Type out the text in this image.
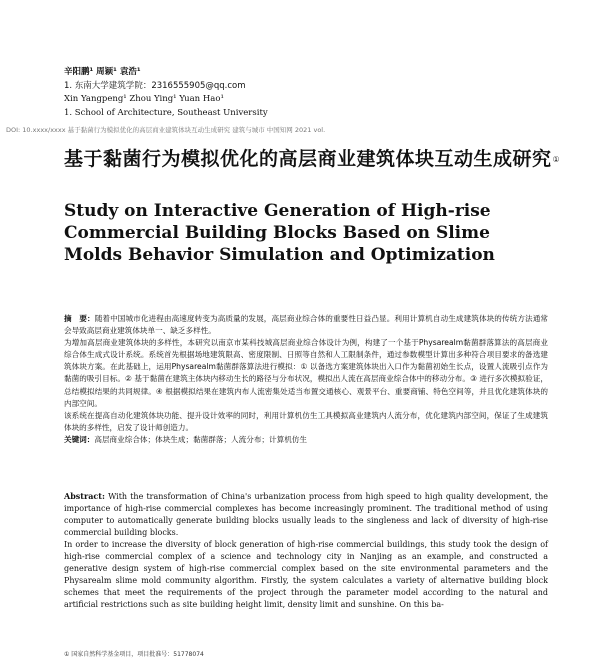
辛阳鹏¹ 周颖¹ 袁浩¹
1. 东南大学建筑学院：2316555905@qq.com
Xin Yangpeng¹ Zhou Ying¹ Yuan Hao¹
1. School of Architecture, Southeast University
DOI: 10.xxxx/xxxx 基于黏菌行为模拟优化的高层商业建筑体块互动生成研究 建筑与城市 中国知网 2021 vol.
基于黏菌行为模拟优化的高层商业建筑体块互动生成研究①
Study on Interactive Generation of High-rise Commercial Building Blocks Based on Slime Molds Behavior Simulation and Optimization

摘　要：随着中国城市化进程由高速度转变为高质量的发展，高层商业综合体的重要性日益凸显。利用计算机自动生成建筑体块的传统方法通常会导致高层商业建筑体块单一、缺乏多样性。

为增加高层商业建筑体块的多样性，本研究以南京市某科技城高层商业综合体设计为例，构建了一个基于Physarealm黏菌群落算法的高层商业综合体生成式设计系统。系统首先根据场地建筑限高、密度限制、日照等自然和人工限制条件，通过参数模型计算出多种符合项目要求的备选建筑体块方案。在此基础上，运用Physarealm黏菌群落算法进行模拟：① 以备选方案建筑体块出入口作为黏菌初始生长点，设置人流吸引点作为黏菌的吸引目标。② 基于黏菌在建筑主体块内移动生长的路径与分布状况，模拟出人流在高层商业综合体中的移动分布。③ 进行多次模拟验证，总结模拟结果的共同规律。④ 根据模拟结果在建筑内布人流密集处适当布置交通核心、观景平台、重要商铺、特色空间等，并且优化建筑体块的内部空间。

该系统在提高自动化建筑体块功能、提升设计效率的同时，利用计算机仿生工具模拟高业建筑内人流分布，优化建筑内部空间，保证了生成建筑体块的多样性，启发了设计师创造力。

关键词：高层商业综合体；体块生成；黏菌群落；人流分布；计算机仿生

Abstract: With the transformation of China's urbanization process from high speed to high quality development, the importance of high-rise commercial complexes has become increasingly prominent. The traditional method of using computer to automatically generate building blocks usually leads to the singleness and lack of diversity of high-rise commercial building blocks.

In order to increase the diversity of block generation of high-rise commercial buildings, this study took the design of high-rise commercial complex of a science and technology city in Nanjing as an example, and constructed a generative design system of high-rise commercial complex based on the site environmental parameters and the Physarealm slime mold community algorithm. Firstly, the system calculates a variety of alternative building block schemes that meet the requirements of the project through the parameter model according to the natural and artificial restrictions such as site building height limit, density limit and sunshine. On this ba-

① 国家自然科学基金项目，项目批准号：51778074
